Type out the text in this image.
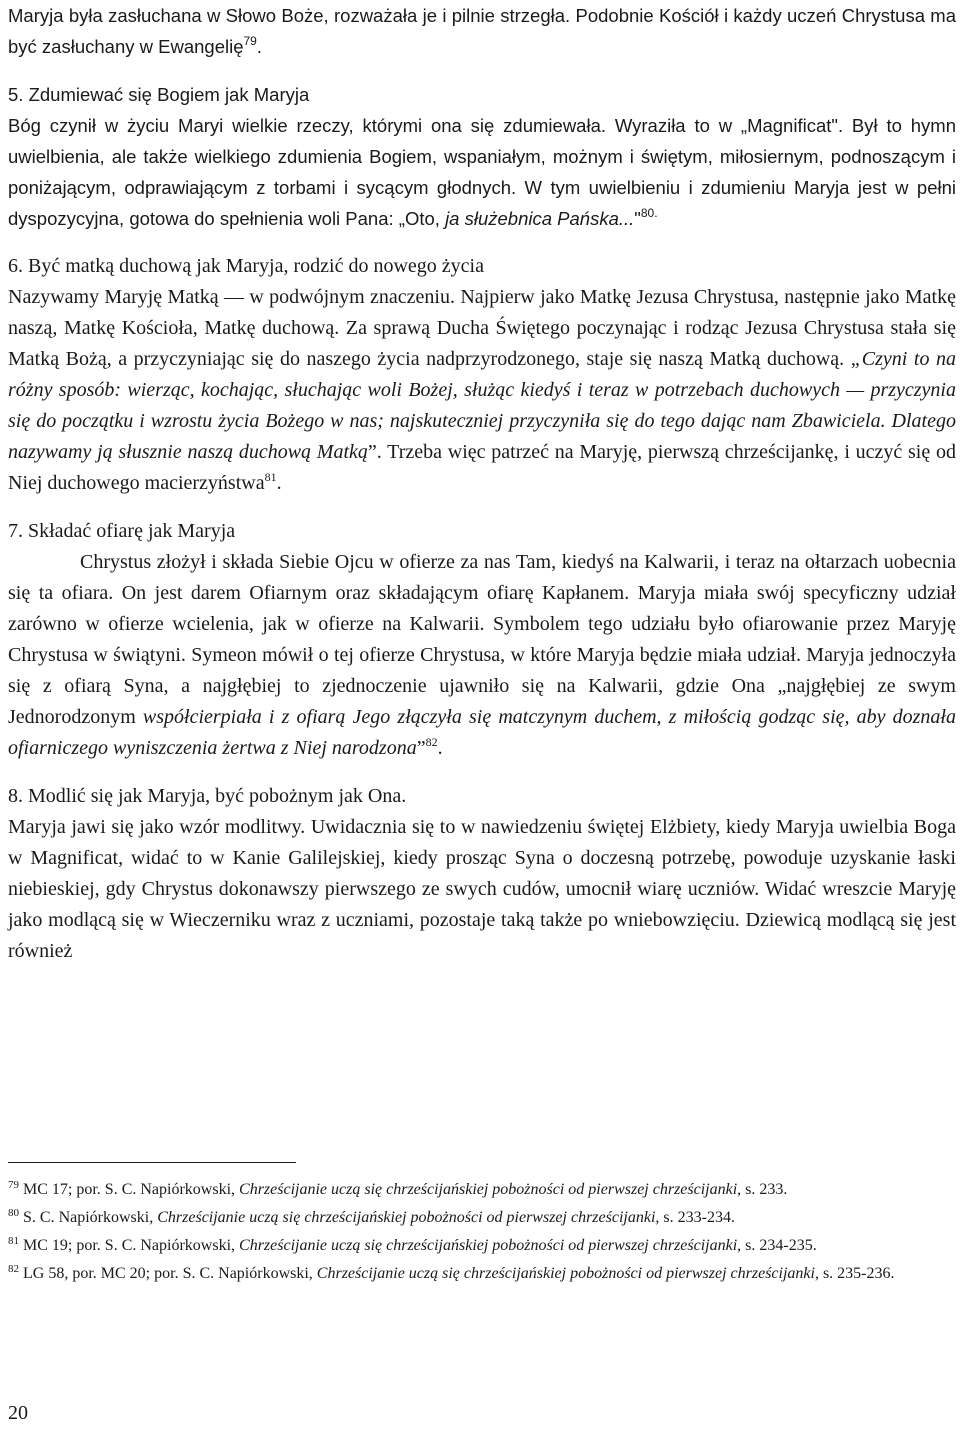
Maryja była zasłuchana w Słowo Boże, rozważała je i pilnie strzegła. Podobnie Kościół i każdy uczeń Chrystusa ma być zasłuchany w Ewangelię$^{79}$.

5. Zdumiewać się Bogiem jak Maryja

Bóg czynił w życiu Maryi wielkie rzeczy, którymi ona się zdumiewała. Wyraziła to w „Magnificat". Był to hymn uwielbienia, ale także wielkiego zdumienia Bogiem, wspaniałym, możnym i świętym, miłosiernym, podnoszącym i poniżającym, odprawiającym z torbami i sycącym głodnych. W tym uwielbieniu i zdumieniu Maryja jest w pełni dyspozycyjna, gotowa do spełnienia woli Pana: „Oto, ja służebnica Pańska..."$^{80.}$

6. Być matką duchową jak Maryja, rodzić do nowego życia

Nazywamy Maryję Matką — w podwójnym znaczeniu. Najpierw jako Matkę Jezusa Chrystusa, następnie jako Matkę naszą, Matkę Kościoła, Matkę duchową. Za sprawą Ducha Świętego poczynając i rodząc Jezusa Chrystusa stała się Matką Bożą, a przyczyniając się do naszego życia nadprzyrodzonego, staje się naszą Matką duchową. „Czyni to na różny sposób: wierząc, kochając, słuchając woli Bożej, służąc kiedyś i teraz w potrzebach duchowych — przyczynia się do początku i wzrostu życia Bożego w nas; najskuteczniej przyczyniła się do tego dając nam Zbawiciela. Dlatego nazywamy ją słusznie naszą duchową Matką”. Trzeba więc patrzeć na Maryję, pierwszą chrześcijankę, i uczyć się od Niej duchowego macierzyństwa$^{81}$.

7. Składać ofiarę jak Maryja

Chrystus złożył i składa Siebie Ojcu w ofierze za nas Tam, kiedyś na Kalwarii, i teraz na ołtarzach uobecnia się ta ofiara. On jest darem Ofiarnym oraz składającym ofiarę Kapłanem. Maryja miała swój specyficzny udział zarówno w ofierze wcielenia, jak w ofierze na Kalwarii. Symbolem tego udziału było ofiarowanie przez Maryję Chrystusa w świątyni. Symeon mówił o tej ofierze Chrystusa, w które Maryja będzie miała udział. Maryja jednoczyła się z ofiarą Syna, a najgłębiej to zjednoczenie ujawniło się na Kalwarii, gdzie Ona „najgłębiej ze swym Jednorodzonym współcierpiała i z ofiarą Jego złączyła się matczynym duchem, z miłością godząc się, aby doznała ofiarniczego wyniszczenia żertwa z Niej narodzona”$^{82}$.

8. Modlić się jak Maryja, być pobożnym jak Ona.

Maryja jawi się jako wzór modlitwy. Uwidacznia się to w nawiedzeniu świętej Elżbiety, kiedy Maryja uwielbia Boga w Magnificat, widać to w Kanie Galilejskiej, kiedy prosząc Syna o doczesną potrzebę, powoduje uzyskanie łaski niebieskiej, gdy Chrystus dokonawszy pierwszego ze swych cudów, umocnił wiarę uczniów. Widać wreszcie Maryję jako modlącą się w Wieczerniku wraz z uczniami, pozostaje taką także po wniebowzięciu. Dziewicą modlącą się jest również

$^{79}$ MC 17; por. S. C. Napiórkowski, Chrześcijanie uczą się chrześcijańskiej pobożności od pierwszej chrześcijanki, s. 233.

$^{80}$ S. C. Napiórkowski, Chrześcijanie uczą się chrześcijańskiej pobożności od pierwszej chrześcijanki, s. 233-234.

$^{81}$ MC 19; por. S. C. Napiórkowski, Chrześcijanie uczą się chrześcijańskiej pobożności od pierwszej chrześcijanki, s. 234-235.

$^{82}$ LG 58, por. MC 20; por. S. C. Napiórkowski, Chrześcijanie uczą się chrześcijańskiej pobożności od pierwszej chrześcijanki, s. 235-236.

20
